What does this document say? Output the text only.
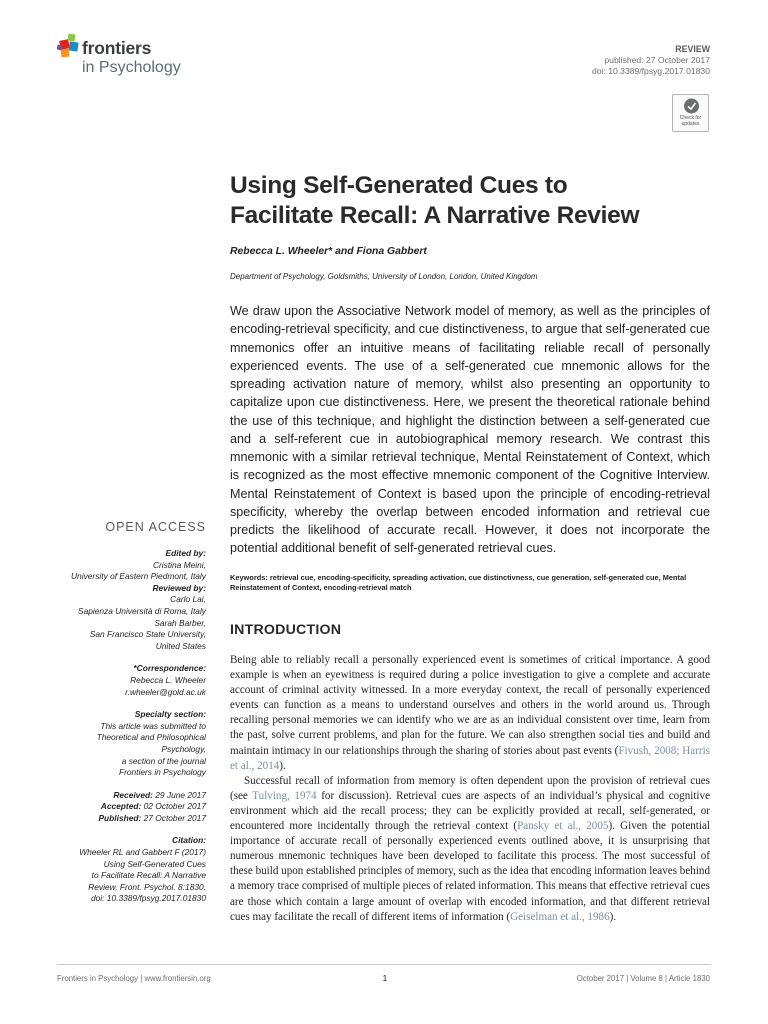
frontiers
in Psychology
REVIEW
published: 27 October 2017
doi: 10.3389/fpsyg.2017.01830
Check for updates
Using Self-Generated Cues to
Facilitate Recall: A Narrative Review
Rebecca L. Wheeler* and Fiona Gabbert
Department of Psychology, Goldsmiths, University of London, London, United Kingdom
We draw upon the Associative Network model of memory, as well as the principles of encoding-retrieval specificity, and cue distinctiveness, to argue that self-generated cue mnemonics offer an intuitive means of facilitating reliable recall of personally experienced events. The use of a self-generated cue mnemonic allows for the spreading activation nature of memory, whilst also presenting an opportunity to capitalize upon cue distinctiveness. Here, we present the theoretical rationale behind the use of this technique, and highlight the distinction between a self-generated cue and a self-referent cue in autobiographical memory research. We contrast this mnemonic with a similar retrieval technique, Mental Reinstatement of Context, which is recognized as the most effective mnemonic component of the Cognitive Interview. Mental Reinstatement of Context is based upon the principle of encoding-retrieval specificity, whereby the overlap between encoded information and retrieval cue predicts the likelihood of accurate recall. However, it does not incorporate the potential additional benefit of self-generated retrieval cues.
Keywords: retrieval cue, encoding-specificity, spreading activation, cue distinctivness, cue generation, self-generated cue, Mental Reinstatement of Context, encoding-retrieval match
OPEN ACCESS
Edited by:
Cristina Meini,
University of Eastern Piedmont, Italy
Reviewed by:
Carlo Lai,
Sapienza Università di Roma, Italy
Sarah Barber,
San Francisco State University,
United States
*Correspondence:
Rebecca L. Wheeler
r.wheeler@gold.ac.uk
Specialty section:
This article was submitted to
Theoretical and Philosophical
Psychology,
a section of the journal
Frontiers in Psychology
Received: 29 June 2017
Accepted: 02 October 2017
Published: 27 October 2017
Citation:
Wheeler RL and Gabbert F (2017)
Using Self-Generated Cues
to Facilitate Recall: A Narrative
Review. Front. Psychol. 8:1830.
doi: 10.3389/fpsyg.2017.01830
INTRODUCTION

Being able to reliably recall a personally experienced event is sometimes of critical importance. A good example is when an eyewitness is required during a police investigation to give a complete and accurate account of criminal activity witnessed. In a more everyday context, the recall of personally experienced events can function as a means to understand ourselves and others in the world around us. Through recalling personal memories we can identify who we are as an individual consistent over time, learn from the past, solve current problems, and plan for the future. We can also strengthen social ties and build and maintain intimacy in our relationships through the sharing of stories about past events (Fivush, 2008; Harris et al., 2014).

Successful recall of information from memory is often dependent upon the provision of retrieval cues (see Tulving, 1974 for discussion). Retrieval cues are aspects of an individual’s physical and cognitive environment which aid the recall process; they can be explicitly provided at recall, self-generated, or encountered more incidentally through the retrieval context (Pansky et al., 2005). Given the potential importance of accurate recall of personally experienced events outlined above, it is unsurprising that numerous mnemonic techniques have been developed to facilitate this process. The most successful of these build upon established principles of memory, such as the idea that encoding information leaves behind a memory trace comprised of multiple pieces of related information. This means that effective retrieval cues are those which contain a large amount of overlap with encoded information, and that different retrieval cues may facilitate the recall of different items of information (Geiselman et al., 1986).

Frontiers in Psychology | www.frontiersin.org	1	October 2017 | Volume 8 | Article 1830
